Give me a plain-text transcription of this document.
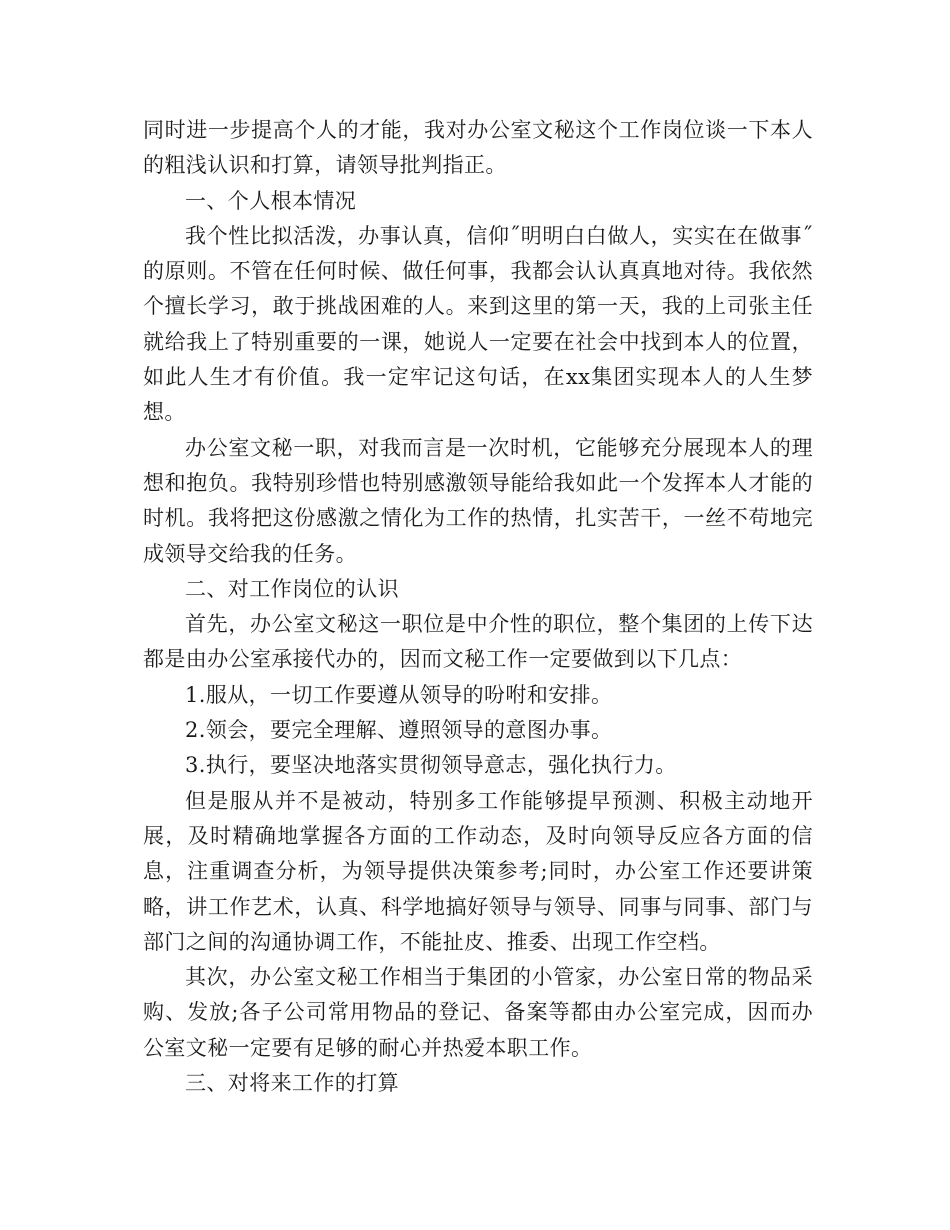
同时进一步提高个人的才能，我对办公室文秘这个工作岗位谈一下本人的粗浅认识和打算，请领导批判指正。

一、个人根本情况

我个性比拟活泼，办事认真，信仰˝明明白白做人，实实在在做事˝的原则。不管在任何时候、做任何事，我都会认认真真地对待。我依然个擅长学习，敢于挑战困难的人。来到这里的第一天，我的上司张主任就给我上了特别重要的一课，她说人一定要在社会中找到本人的位置，如此人生才有价值。我一定牢记这句话，在xx集团实现本人的人生梦想。

办公室文秘一职，对我而言是一次时机，它能够充分展现本人的理想和抱负。我特别珍惜也特别感激领导能给我如此一个发挥本人才能的时机。我将把这份感激之情化为工作的热情，扎实苦干，一丝不苟地完成领导交给我的任务。

二、对工作岗位的认识

首先，办公室文秘这一职位是中介性的职位，整个集团的上传下达都是由办公室承接代办的，因而文秘工作一定要做到以下几点：

1.服从，一切工作要遵从领导的吩咐和安排。

2.领会，要完全理解、遵照领导的意图办事。

3.执行，要坚决地落实贯彻领导意志，强化执行力。

但是服从并不是被动，特别多工作能够提早预测、积极主动地开展，及时精确地掌握各方面的工作动态，及时向领导反应各方面的信息，注重调查分析，为领导提供决策参考;同时，办公室工作还要讲策略，讲工作艺术，认真、科学地搞好领导与领导、同事与同事、部门与部门之间的沟通协调工作，不能扯皮、推委、出现工作空档。

其次，办公室文秘工作相当于集团的小管家，办公室日常的物品采购、发放;各子公司常用物品的登记、备案等都由办公室完成，因而办公室文秘一定要有足够的耐心并热爱本职工作。

三、对将来工作的打算
